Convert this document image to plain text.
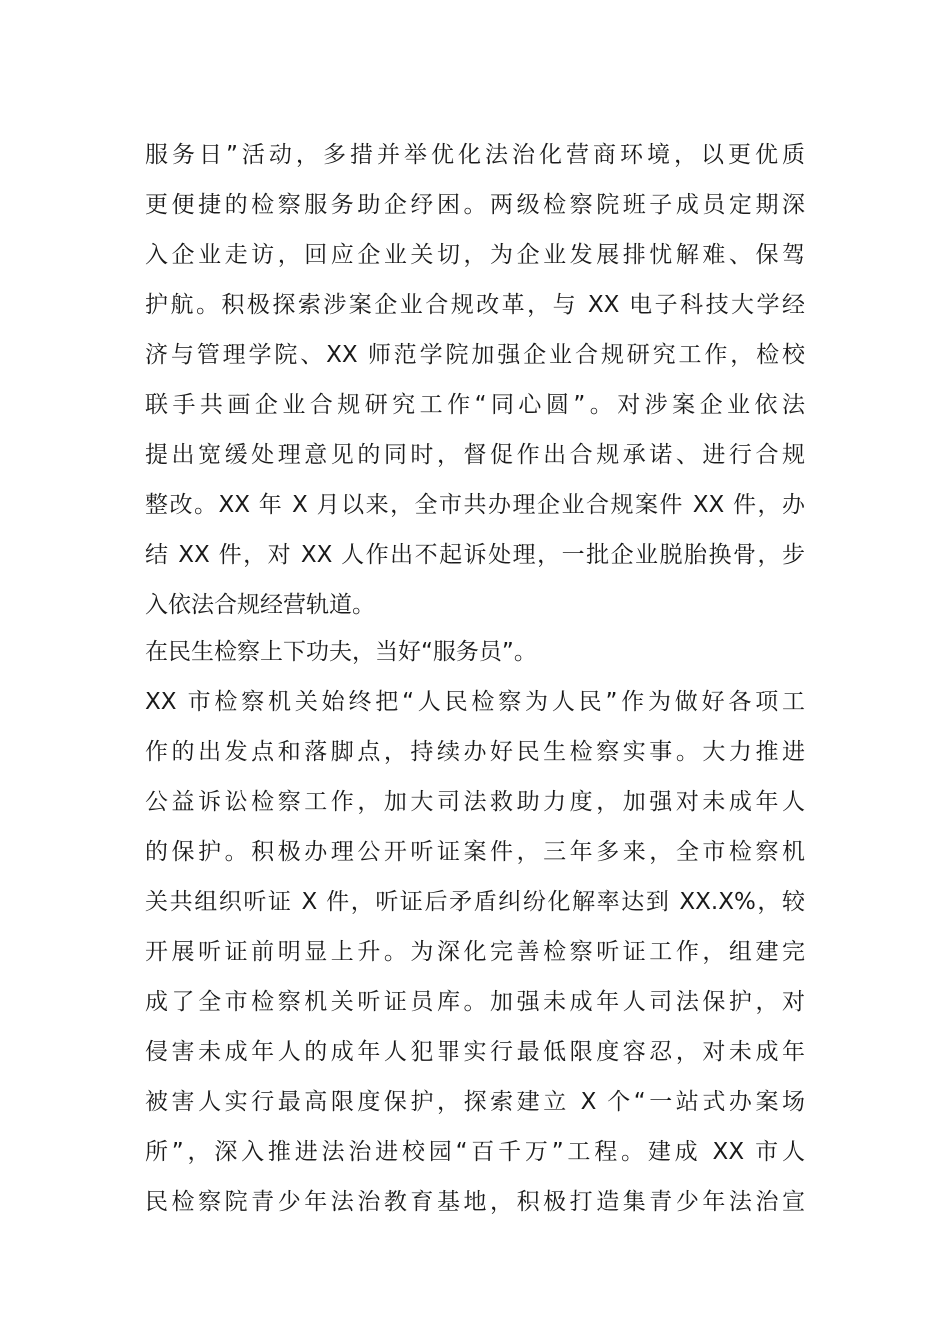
服务日”活动，多措并举优化法治化营商环境，以更优质
更便捷的检察服务助企纾困。两级检察院班子成员定期深
入企业走访，回应企业关切，为企业发展排忧解难、保驾
护航。积极探索涉案企业合规改革，与 XX 电子科技大学经
济与管理学院、XX 师范学院加强企业合规研究工作，检校
联手共画企业合规研究工作“同心圆”。对涉案企业依法
提出宽缓处理意见的同时，督促作出合规承诺、进行合规
整改。XX 年 X 月以来，全市共办理企业合规案件 XX 件，办
结 XX 件，对 XX 人作出不起诉处理，一批企业脱胎换骨，步
入依法合规经营轨道。
在民生检察上下功夫，当好“服务员”。
XX 市检察机关始终把“人民检察为人民”作为做好各项工
作的出发点和落脚点，持续办好民生检察实事。大力推进
公益诉讼检察工作，加大司法救助力度，加强对未成年人
的保护。积极办理公开听证案件，三年多来，全市检察机
关共组织听证 X 件，听证后矛盾纠纷化解率达到 XX.X%，较
开展听证前明显上升。为深化完善检察听证工作，组建完
成了全市检察机关听证员库。加强未成年人司法保护，对
侵害未成年人的成年人犯罪实行最低限度容忍，对未成年
被害人实行最高限度保护，探索建立 X 个“一站式办案场
所”，深入推进法治进校园“百千万”工程。建成 XX 市人
民检察院青少年法治教育基地，积极打造集青少年法治宣
